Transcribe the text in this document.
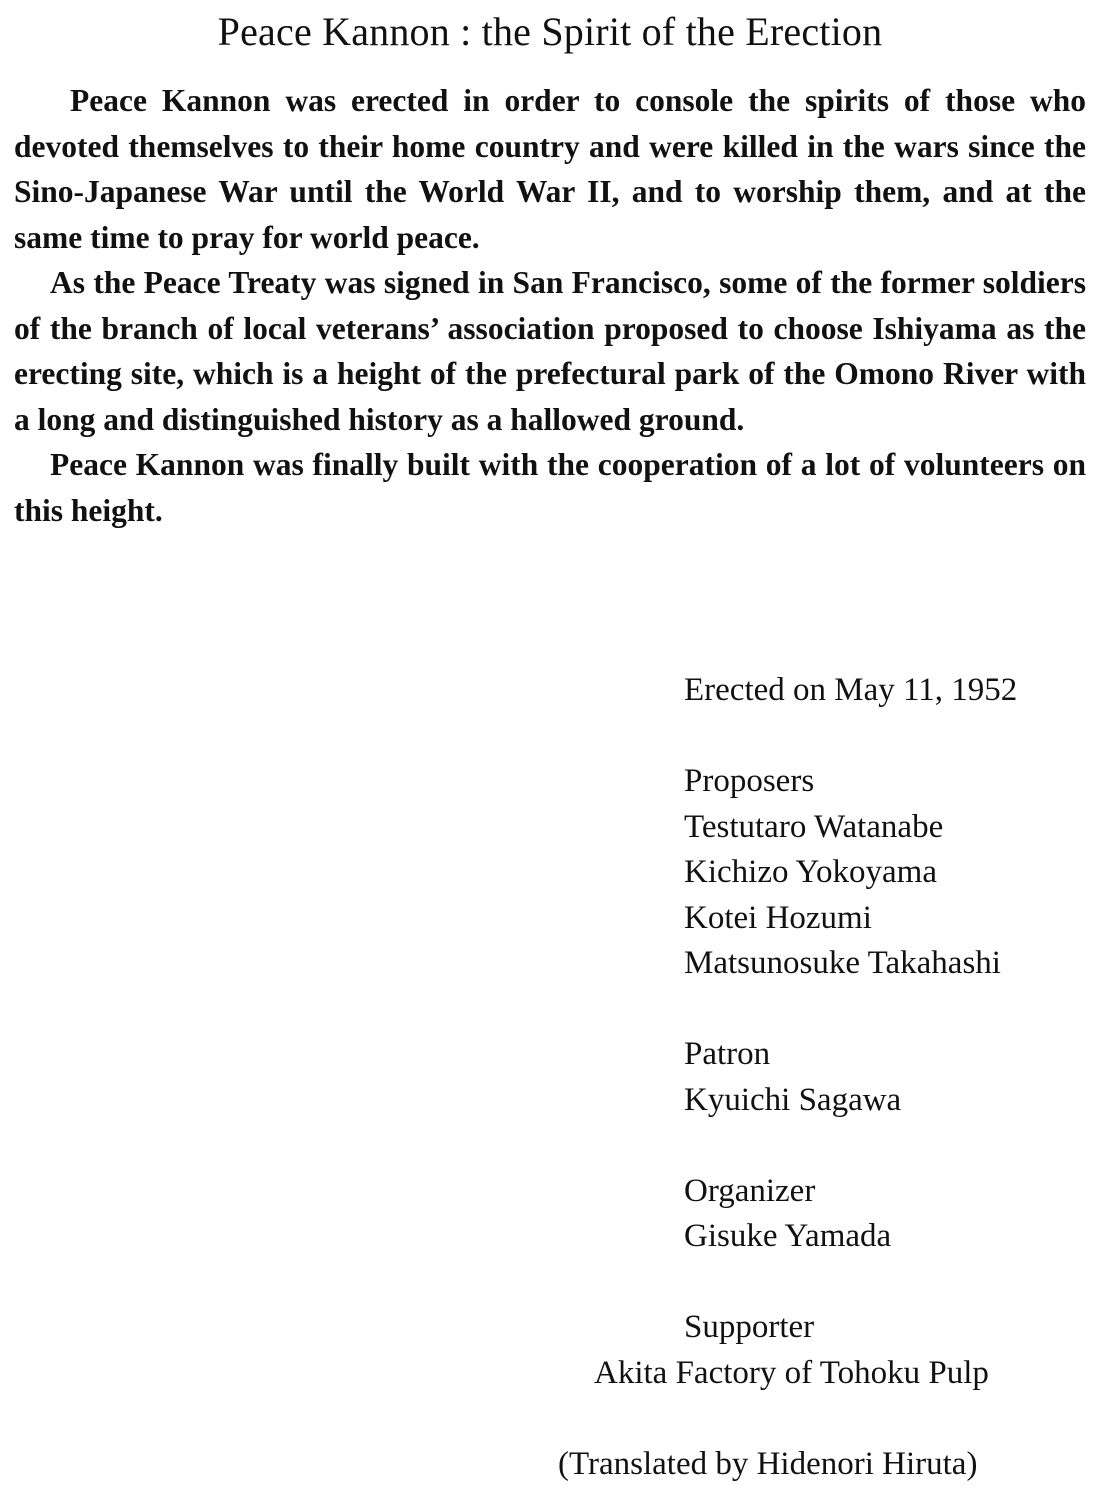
Peace Kannon : the Spirit of the Erection

Peace Kannon was erected in order to console the spirits of those who devoted themselves to their home country and were killed in the wars since the Sino-Japanese War until the World War II, and to worship them, and at the same time to pray for world peace.

As the Peace Treaty was signed in San Francisco, some of the former soldiers of the branch of local veterans’ association proposed to choose Ishiyama as the erecting site, which is a height of the prefectural park of the Omono River with a long and distinguished history as a hallowed ground.

Peace Kannon was finally built with the cooperation of a lot of volunteers on this height.

Erected on May 11, 1952

Proposers

Testutaro Watanabe

Kichizo Yokoyama

Kotei Hozumi

Matsunosuke Takahashi

Patron

Kyuichi Sagawa

Organizer

Gisuke Yamada

Supporter

Akita Factory of Tohoku Pulp

(Translated by Hidenori Hiruta)
